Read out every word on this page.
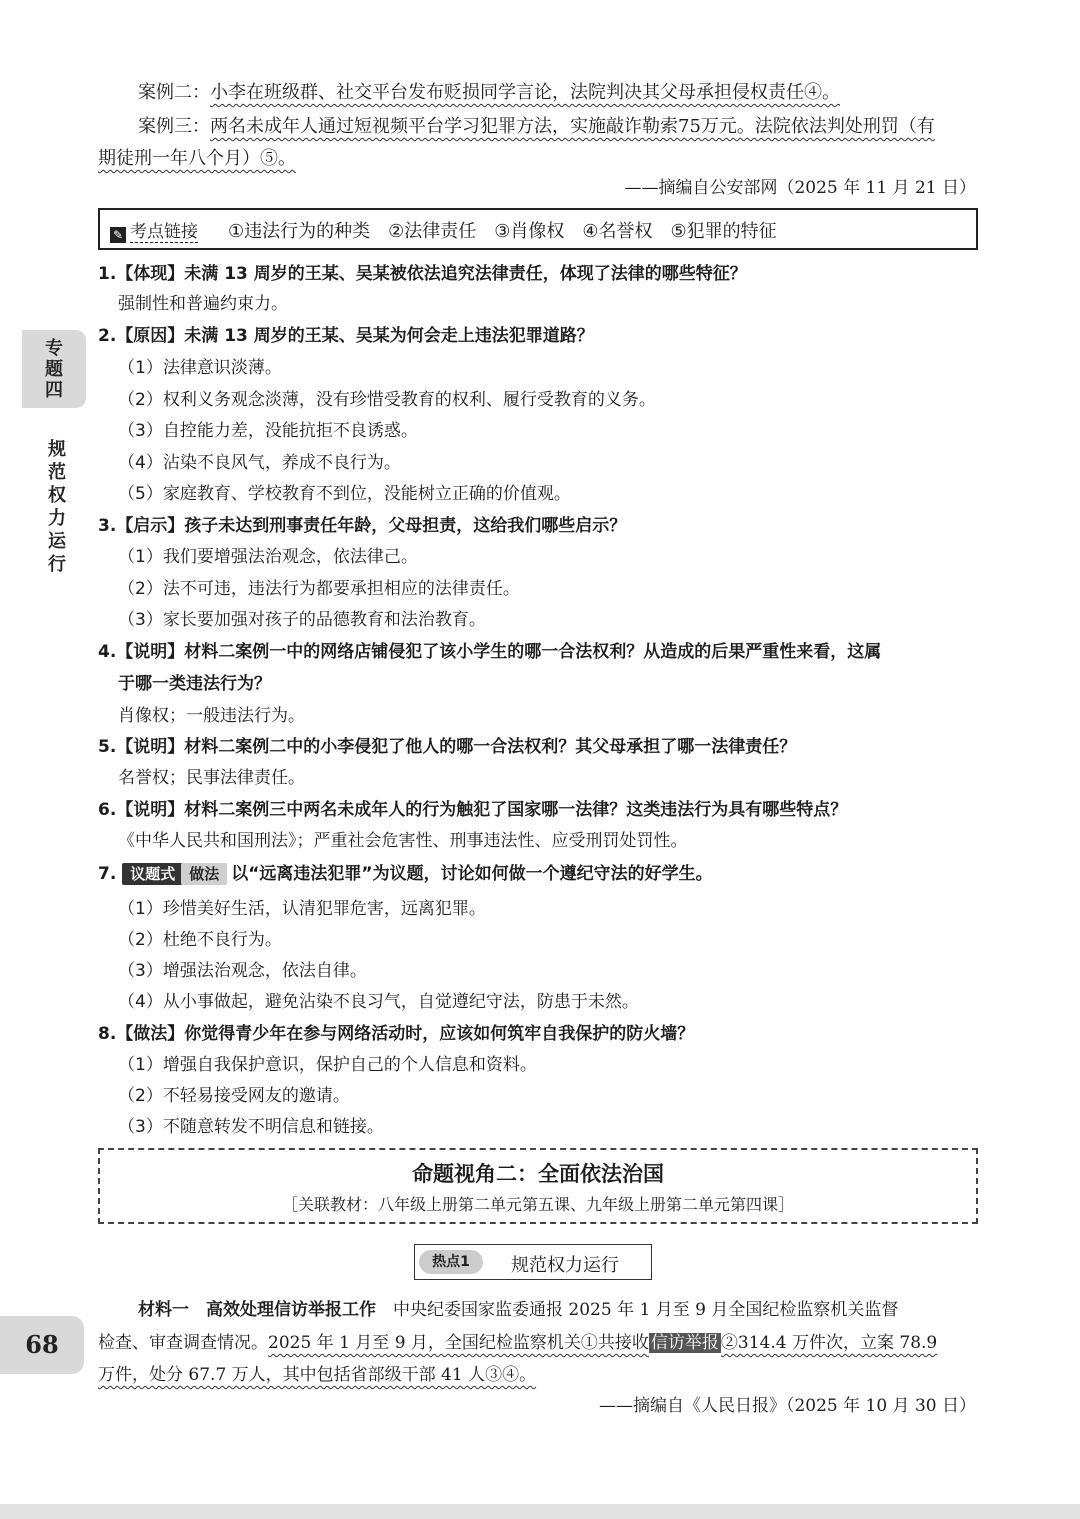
案例二：小李在班级群、社交平台发布贬损同学言论，法院判决其父母承担侵权责任④。
案例三：两名未成年人通过短视频平台学习犯罪方法，实施敲诈勒索75万元。法院依法判处刑罚（有
期徒刑一年八个月）⑤。
——摘编自公安部网（2025 年 11 月 21 日）
✎ 考点链接 ①违法行为的种类　②法律责任　③肖像权　④名誉权　⑤犯罪的特征
1.【体现】未满 13 周岁的王某、吴某被依法追究法律责任，体现了法律的哪些特征？
强制性和普遍约束力。
2.【原因】未满 13 周岁的王某、吴某为何会走上违法犯罪道路？
（1）法律意识淡薄。
（2）权利义务观念淡薄，没有珍惜受教育的权利、履行受教育的义务。
（3）自控能力差，没能抗拒不良诱惑。
（4）沾染不良风气，养成不良行为。
（5）家庭教育、学校教育不到位，没能树立正确的价值观。
3.【启示】孩子未达到刑事责任年龄，父母担责，这给我们哪些启示？
（1）我们要增强法治观念，依法律己。
（2）法不可违，违法行为都要承担相应的法律责任。
（3）家长要加强对孩子的品德教育和法治教育。
4.【说明】材料二案例一中的网络店铺侵犯了该小学生的哪一合法权利？从造成的后果严重性来看，这属
于哪一类违法行为？
肖像权；一般违法行为。
5.【说明】材料二案例二中的小李侵犯了他人的哪一合法权利？其父母承担了哪一法律责任？
名誉权；民事法律责任。
6.【说明】材料二案例三中两名未成年人的行为触犯了国家哪一法律？这类违法行为具有哪些特点？
《中华人民共和国刑法》；严重社会危害性、刑事违法性、应受刑罚处罚性。
7. 议题式 做法 以“远离违法犯罪”为议题，讨论如何做一个遵纪守法的好学生。
（1）珍惜美好生活，认清犯罪危害，远离犯罪。
（2）杜绝不良行为。
（3）增强法治观念，依法自律。
（4）从小事做起，避免沾染不良习气，自觉遵纪守法，防患于未然。
8.【做法】你觉得青少年在参与网络活动时，应该如何筑牢自我保护的防火墙？
（1）增强自我保护意识，保护自己的个人信息和资料。
（2）不轻易接受网友的邀请。
（3）不随意转发不明信息和链接。
命题视角二：全面依法治国
［关联教材：八年级上册第二单元第五课、九年级上册第二单元第四课］
热点1	规范权力运行
材料一　高效处理信访举报工作　中央纪委国家监委通报 2025 年 1 月至 9 月全国纪检监察机关监督
检查、审查调查情况。2025 年 1 月至 9 月，全国纪检监察机关①共接收 信访举报 ②314.4 万件次，立案 78.9
万件，处分 67.7 万人，其中包括省部级干部 41 人③④。
——摘编自《人民日报》（2025 年 10 月 30 日）
专题四
规范权力运行
68
